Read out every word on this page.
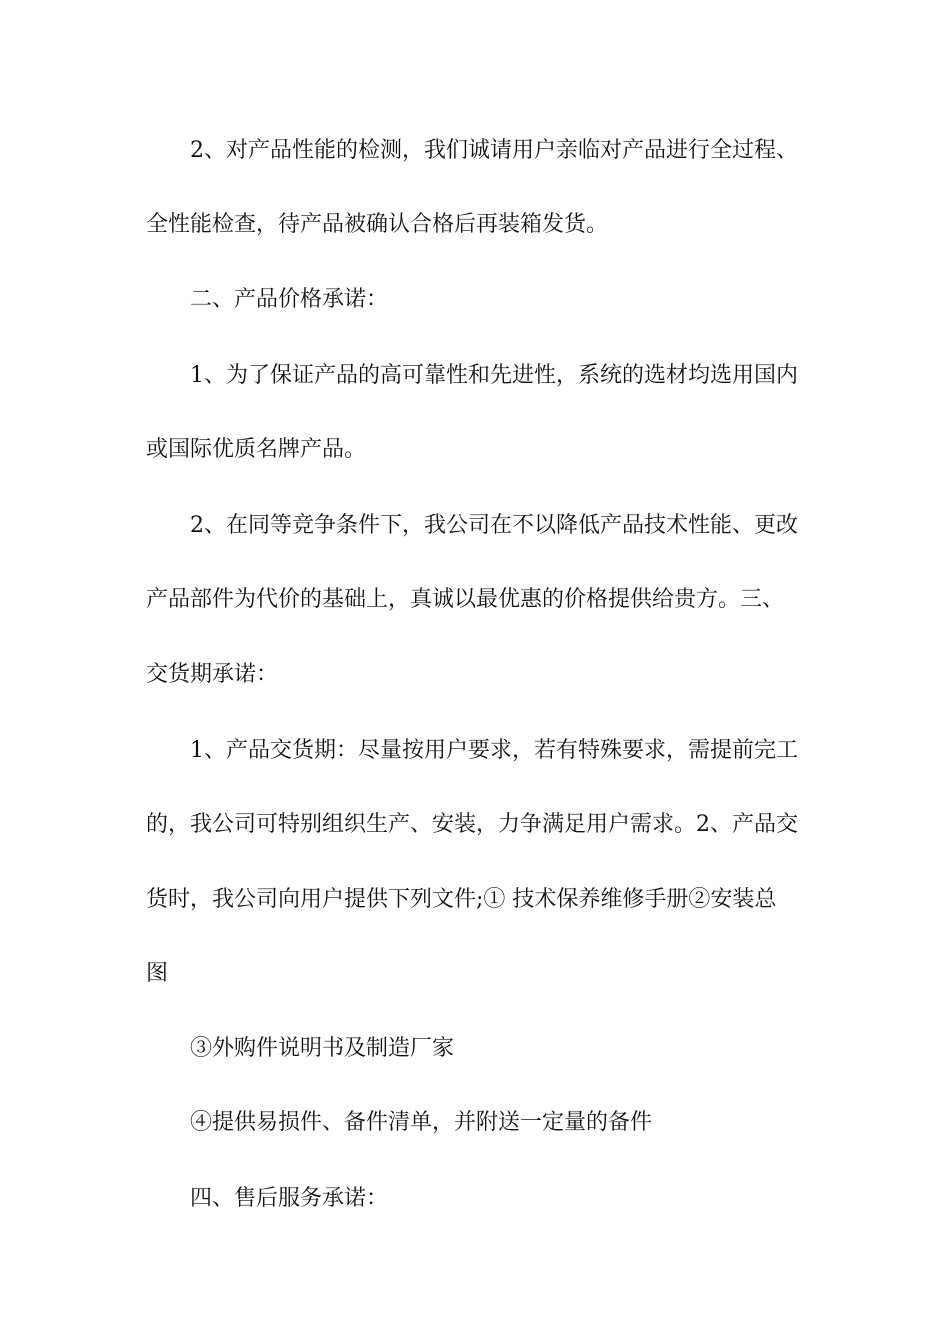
2、对产品性能的检测，我们诚请用户亲临对产品进行全过程、
全性能检查，待产品被确认合格后再装箱发货。
二、产品价格承诺：
1、为了保证产品的高可靠性和先进性，系统的选材均选用国内
或国际优质名牌产品。
2、在同等竞争条件下，我公司在不以降低产品技术性能、更改
产品部件为代价的基础上，真诚以最优惠的价格提供给贵方。三、
交货期承诺：
1、产品交货期：尽量按用户要求，若有特殊要求，需提前完工
的，我公司可特别组织生产、安装，力争满足用户需求。2、产品交
货时，我公司向用户提供下列文件;① 技术保养维修手册②安装总
图
③外购件说明书及制造厂家
④提供易损件、备件清单，并附送一定量的备件
四、售后服务承诺：
